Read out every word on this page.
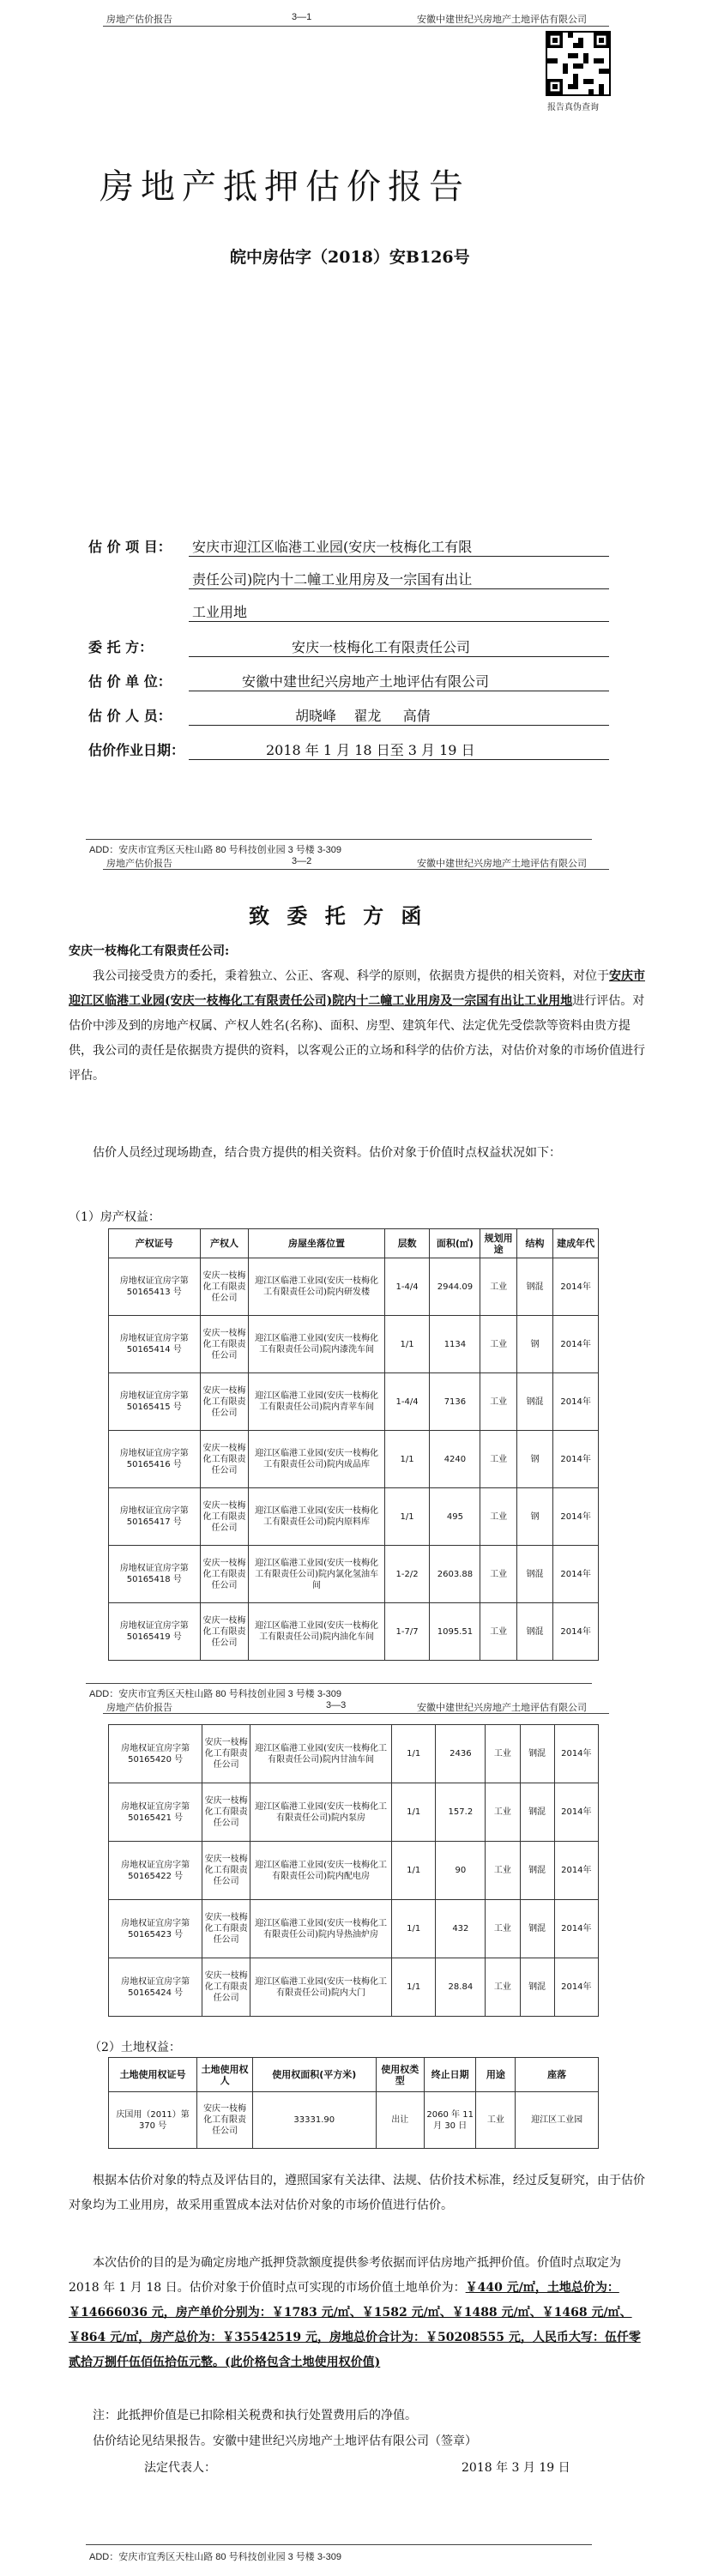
房地产估价报告	3—1	安徽中建世纪兴房地产土地评估有限公司
报告真伪查询
房地产抵押估价报告
皖中房估字（2018）安B126号
估 价 项 目： 安庆市迎江区临港工业园(安庆一枝梅化工有限
责任公司)院内十二幢工业用房及一宗国有出让
工业用地
委 托 方：	安庆一枝梅化工有限责任公司
估 价 单 位：	安徽中建世纪兴房地产土地评估有限公司
估 价 人 员：	胡晓峰    翟龙     高倩
估价作业日期：	2018 年 1 月 18 日至 3 月 19 日
ADD：安庆市宜秀区天柱山路 80 号科技创业园 3 号楼 3-309
房地产估价报告	3—2	安徽中建世纪兴房地产土地评估有限公司
致 委 托 方 函
安庆一枝梅化工有限责任公司:
我公司接受贵方的委托，秉着独立、公正、客观、科学的原则，依据贵方提供的相关资料，对位于安庆市迎江区临港工业园(安庆一枝梅化工有限责任公司)院内十二幢工业用房及一宗国有出让工业用地进行评估。对估价中涉及到的房地产权属、产权人姓名(名称)、面积、房型、建筑年代、法定优先受偿款等资料由贵方提供，我公司的责任是依据贵方提供的资料，以客观公正的立场和科学的估价方法，对估价对象的市场价值进行评估。
估价人员经过现场勘查，结合贵方提供的相关资料。估价对象于价值时点权益状况如下：
（1）房产权益：
产权证号	产权人	房屋坐落位置	层数	面积(㎡)	规划用途	结构	建成年代
房地权证宜房字第 50165413 号	安庆一枝梅化工有限责任公司	迎江区临港工业园(安庆一枝梅化工有限责任公司)院内研发楼	1-4/4	2944.09	工业	钢混	2014年
房地权证宜房字第 50165414 号	安庆一枝梅化工有限责任公司	迎江区临港工业园(安庆一枝梅化工有限责任公司)院内漆洗车间	1/1	1134	工业	钢	2014年
房地权证宜房字第 50165415 号	安庆一枝梅化工有限责任公司	迎江区临港工业园(安庆一枝梅化工有限责任公司)院内青苹车间	1-4/4	7136	工业	钢混	2014年
房地权证宜房字第 50165416 号	安庆一枝梅化工有限责任公司	迎江区临港工业园(安庆一枝梅化工有限责任公司)院内成品库	1/1	4240	工业	钢	2014年
房地权证宜房字第 50165417 号	安庆一枝梅化工有限责任公司	迎江区临港工业园(安庆一枝梅化工有限责任公司)院内原料库	1/1	495	工业	钢	2014年
房地权证宜房字第 50165418 号	安庆一枝梅化工有限责任公司	迎江区临港工业园(安庆一枝梅化工有限责任公司)院内氯化氢油车间	1-2/2	2603.88	工业	钢混	2014年
房地权证宜房字第 50165419 号	安庆一枝梅化工有限责任公司	迎江区临港工业园(安庆一枝梅化工有限责任公司)院内油化车间	1-7/7	1095.51	工业	钢混	2014年
ADD：安庆市宜秀区天柱山路 80 号科技创业园 3 号楼 3-309
房地产估价报告	3—3	安徽中建世纪兴房地产土地评估有限公司
房地权证宜房字第 50165420 号	安庆一枝梅化工有限责任公司	迎江区临港工业园(安庆一枝梅化工有限责任公司)院内甘油车间	1/1	2436	工业	钢混	2014年
房地权证宜房字第 50165421 号	安庆一枝梅化工有限责任公司	迎江区临港工业园(安庆一枝梅化工有限责任公司)院内泵房	1/1	157.2	工业	钢混	2014年
房地权证宜房字第 50165422 号	安庆一枝梅化工有限责任公司	迎江区临港工业园(安庆一枝梅化工有限责任公司)院内配电房	1/1	90	工业	钢混	2014年
房地权证宜房字第 50165423 号	安庆一枝梅化工有限责任公司	迎江区临港工业园(安庆一枝梅化工有限责任公司)院内导热油炉房	1/1	432	工业	钢混	2014年
房地权证宜房字第 50165424 号	安庆一枝梅化工有限责任公司	迎江区临港工业园(安庆一枝梅化工有限责任公司)院内大门	1/1	28.84	工业	钢混	2014年
（2）土地权益：
土地使用权证号	土地使用权人	使用权面积(平方米)	使用权类型	终止日期	用途	座落
庆国用（2011）第 370 号	安庆一枝梅化工有限责任公司	33331.90	出让	2060 年 11 月 30 日	工业	迎江区工业园
根据本估价对象的特点及评估目的，遵照国家有关法律、法规、估价技术标准，经过反复研究，由于估价对象均为工业用房，故采用重置成本法对估价对象的市场价值进行估价。
本次估价的目的是为确定房地产抵押贷款额度提供参考依据而评估房地产抵押价值。价值时点取定为 2018 年 1 月 18 日。估价对象于价值时点可实现的市场价值土地单价为：￥440 元/㎡，土地总价为：￥14666036 元，房产单价分别为：￥1783 元/㎡、￥1582 元/㎡、￥1488 元/㎡、￥1468 元/㎡、￥864 元/㎡，房产总价为：￥35542519 元，房地总价合计为：￥50208555 元，人民币大写：伍仟零贰拾万捌仟伍佰伍拾伍元整。(此价格包含土地使用权价值)
注：此抵押价值是已扣除相关税费和执行处置费用后的净值。
估价结论见结果报告。安徽中建世纪兴房地产土地评估有限公司（签章）
法定代表人：	2018 年 3 月 19 日
ADD：安庆市宜秀区天柱山路 80 号科技创业园 3 号楼 3-309
